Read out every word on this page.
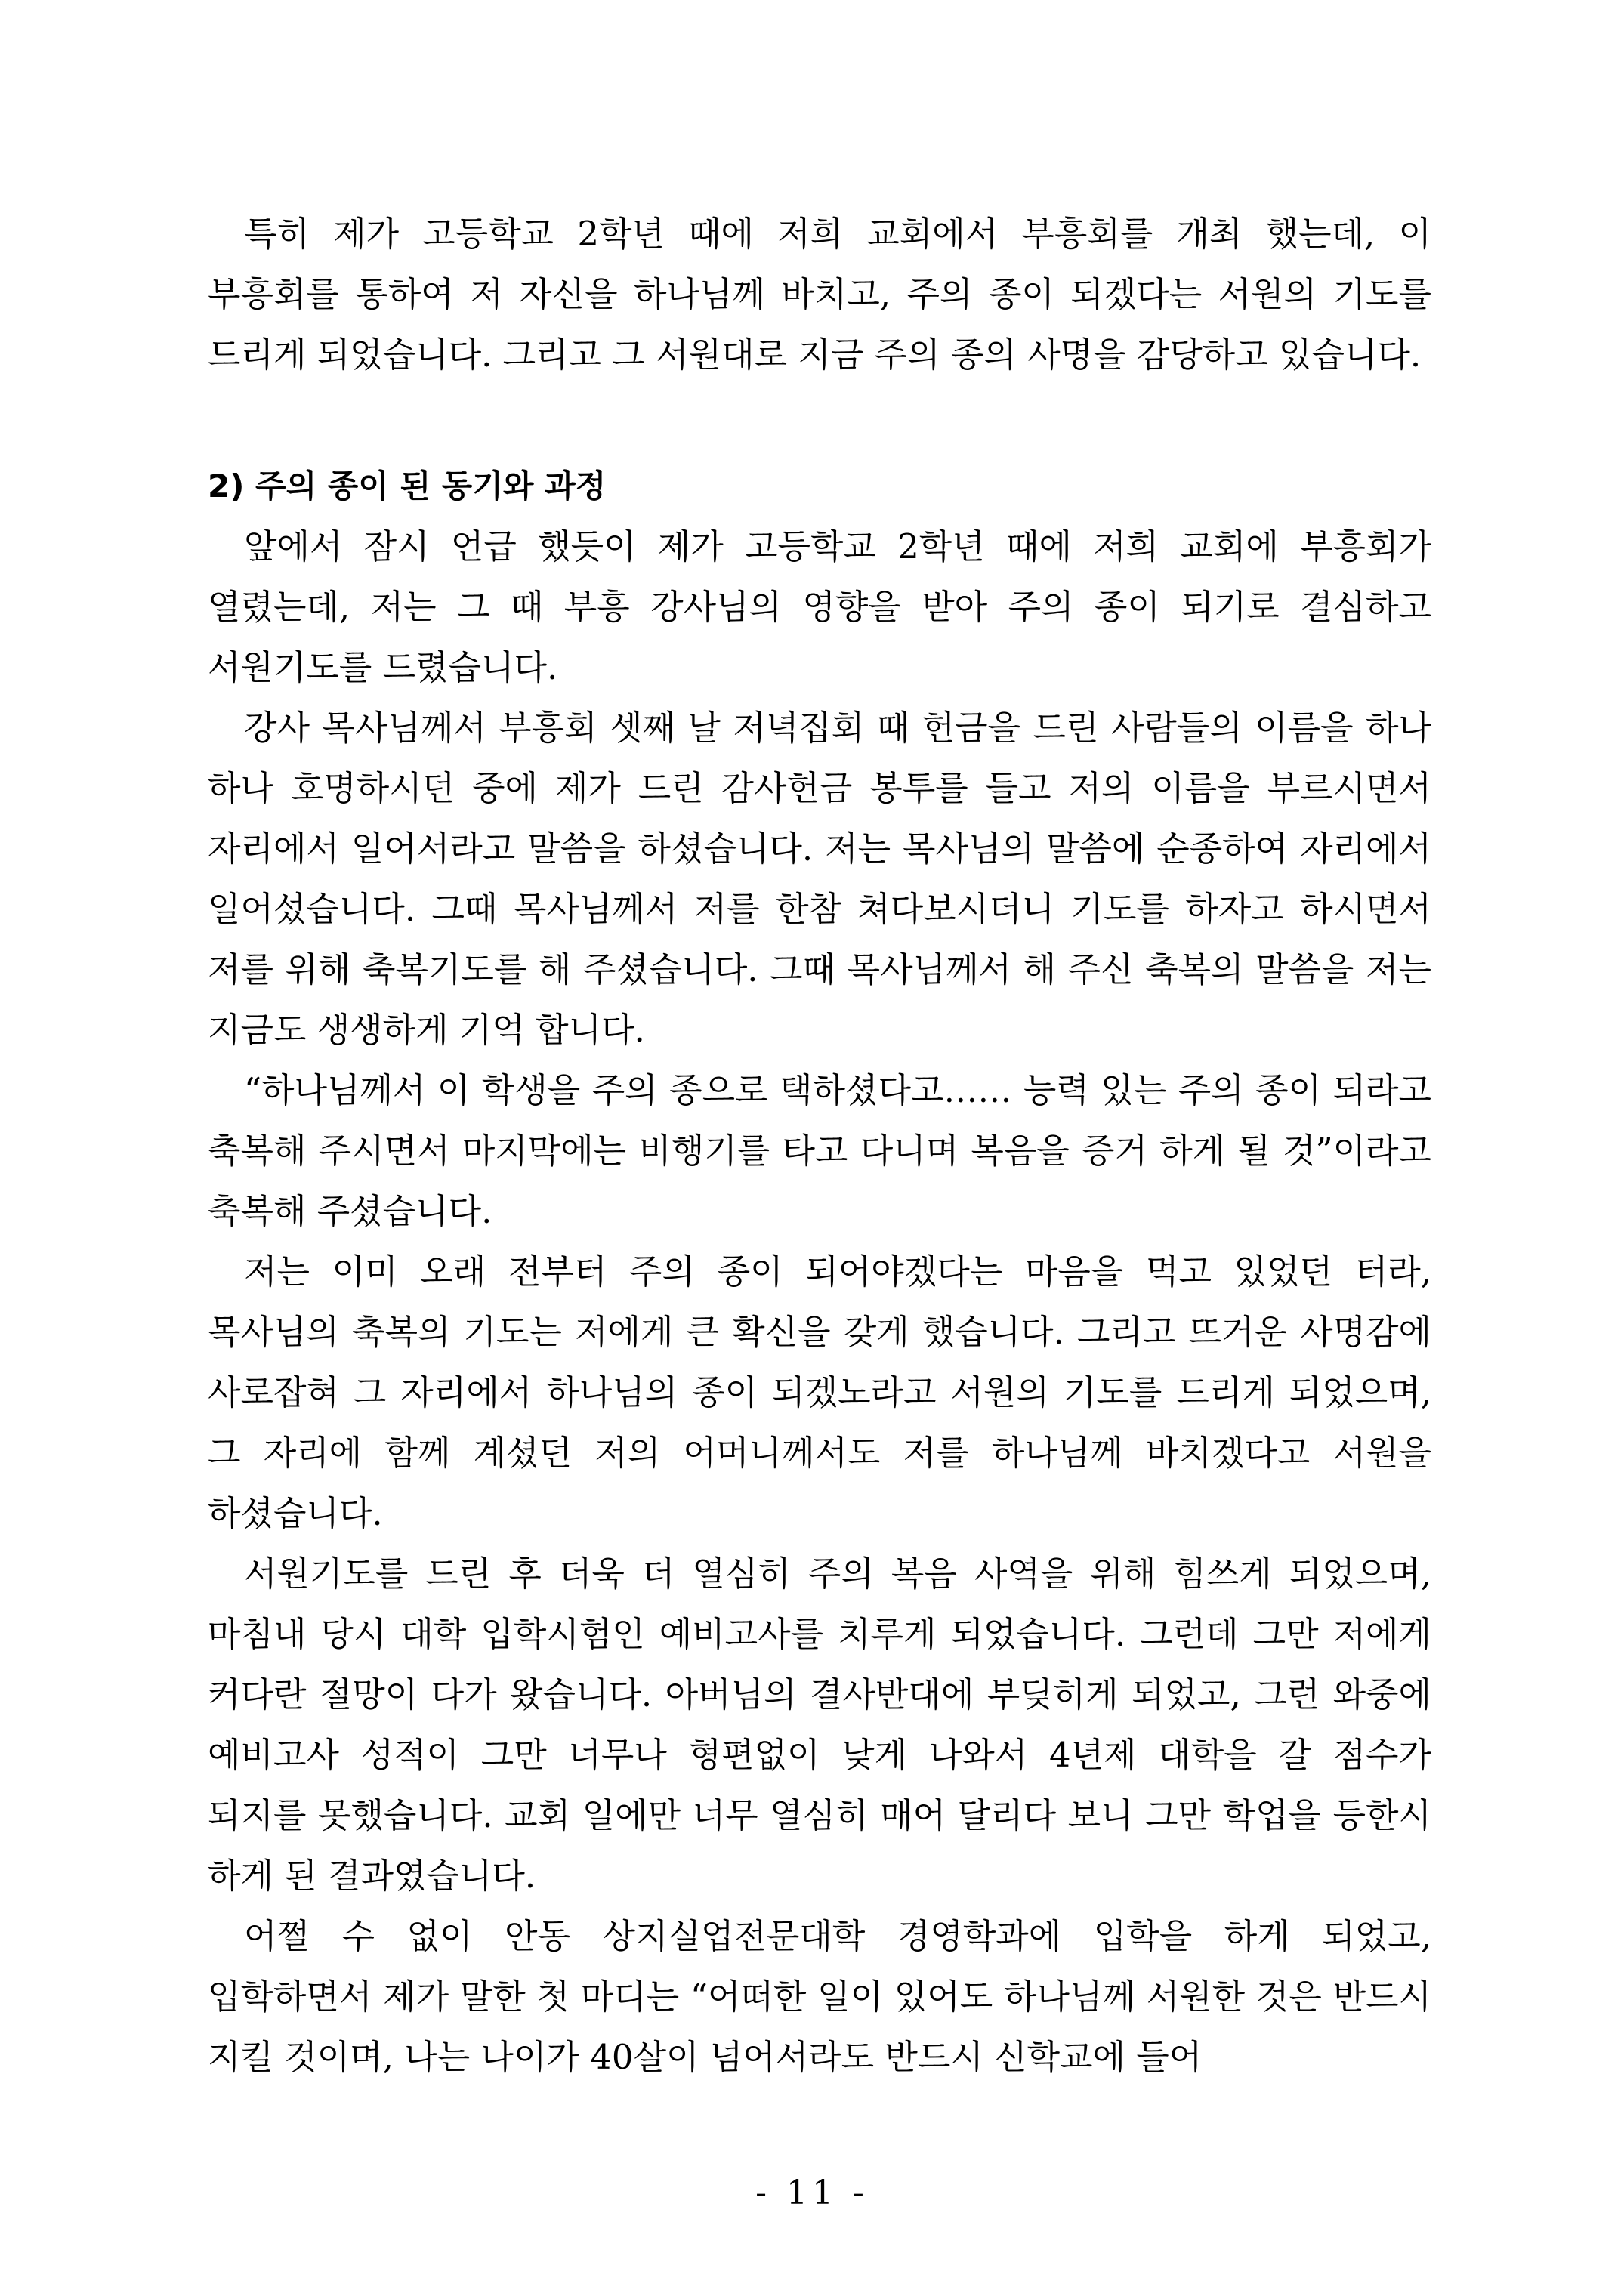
특히 제가 고등학교 2학년 때에 저희 교회에서 부흥회를 개최 했는데, 이 부흥회를 통하여 저 자신을 하나님께 바치고, 주의 종이 되겠다는 서원의 기도를 드리게 되었습니다. 그리고 그 서원대로 지금 주의 종의 사명을 감당하고 있습니다.

2) 주의 종이 된 동기와 과정

앞에서 잠시 언급 했듯이 제가 고등학교 2학년 때에 저희 교회에 부흥회가 열렸는데, 저는 그 때 부흥 강사님의 영향을 받아 주의 종이 되기로 결심하고 서원기도를 드렸습니다.

강사 목사님께서 부흥회 셋째 날 저녁집회 때 헌금을 드린 사람들의 이름을 하나 하나 호명하시던 중에 제가 드린 감사헌금 봉투를 들고 저의 이름을 부르시면서 자리에서 일어서라고 말씀을 하셨습니다. 저는 목사님의 말씀에 순종하여 자리에서 일어섰습니다. 그때 목사님께서 저를 한참 쳐다보시더니 기도를 하자고 하시면서 저를 위해 축복기도를 해 주셨습니다. 그때 목사님께서 해 주신 축복의 말씀을 저는 지금도 생생하게 기억 합니다.

“하나님께서 이 학생을 주의 종으로 택하셨다고…… 능력 있는 주의 종이 되라고 축복해 주시면서 마지막에는 비행기를 타고 다니며 복음을 증거 하게 될 것”이라고 축복해 주셨습니다.

저는 이미 오래 전부터 주의 종이 되어야겠다는 마음을 먹고 있었던 터라, 목사님의 축복의 기도는 저에게 큰 확신을 갖게 했습니다. 그리고 뜨거운 사명감에 사로잡혀 그 자리에서 하나님의 종이 되겠노라고 서원의 기도를 드리게 되었으며, 그 자리에 함께 계셨던 저의 어머니께서도 저를 하나님께 바치겠다고 서원을 하셨습니다.

서원기도를 드린 후 더욱 더 열심히 주의 복음 사역을 위해 힘쓰게 되었으며, 마침내 당시 대학 입학시험인 예비고사를 치루게 되었습니다. 그런데 그만 저에게 커다란 절망이 다가 왔습니다. 아버님의 결사반대에 부딪히게 되었고, 그런 와중에 예비고사 성적이 그만 너무나 형편없이 낮게 나와서 4년제 대학을 갈 점수가 되지를 못했습니다. 교회 일에만 너무 열심히 매어 달리다 보니 그만 학업을 등한시 하게 된 결과였습니다.

어쩔 수 없이 안동 상지실업전문대학 경영학과에 입학을 하게 되었고, 입학하면서 제가 말한 첫 마디는 “어떠한 일이 있어도 하나님께 서원한 것은 반드시 지킬 것이며, 나는 나이가 40살이 넘어서라도 반드시 신학교에 들어

- 11 -
